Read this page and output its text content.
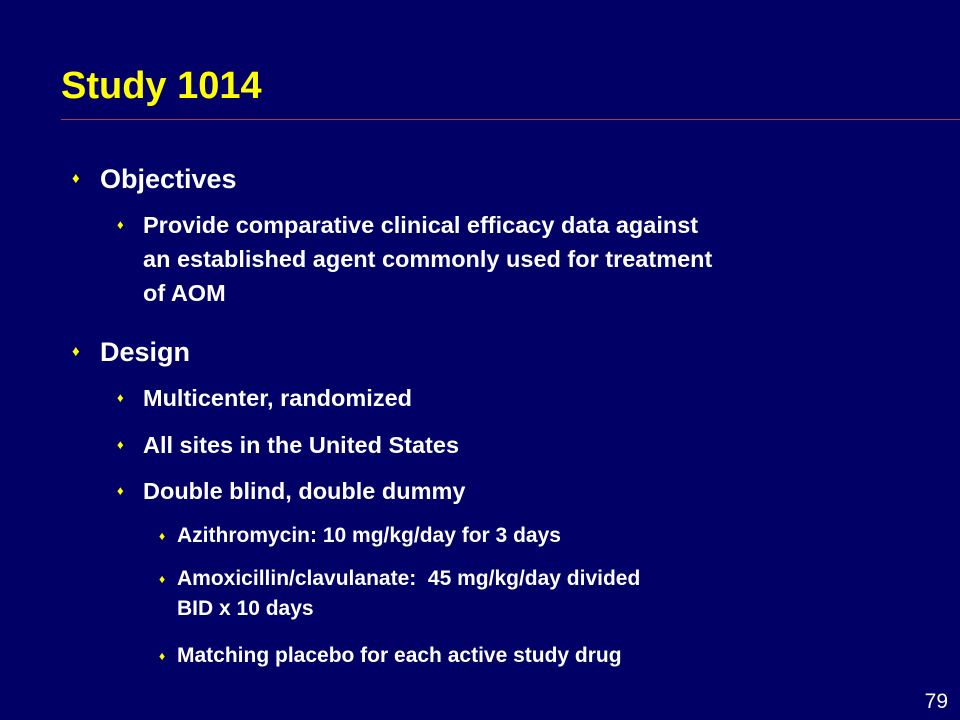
Study 1014
♦ Objectives
♦ Provide comparative clinical efficacy data against
an established agent commonly used for treatment
of AOM
♦ Design
♦ Multicenter, randomized
♦ All sites in the United States
♦ Double blind, double dummy
♦ Azithromycin: 10 mg/kg/day for 3 days
♦ Amoxicillin/clavulanate:  45 mg/kg/day divided
BID x 10 days
♦ Matching placebo for each active study drug
79
